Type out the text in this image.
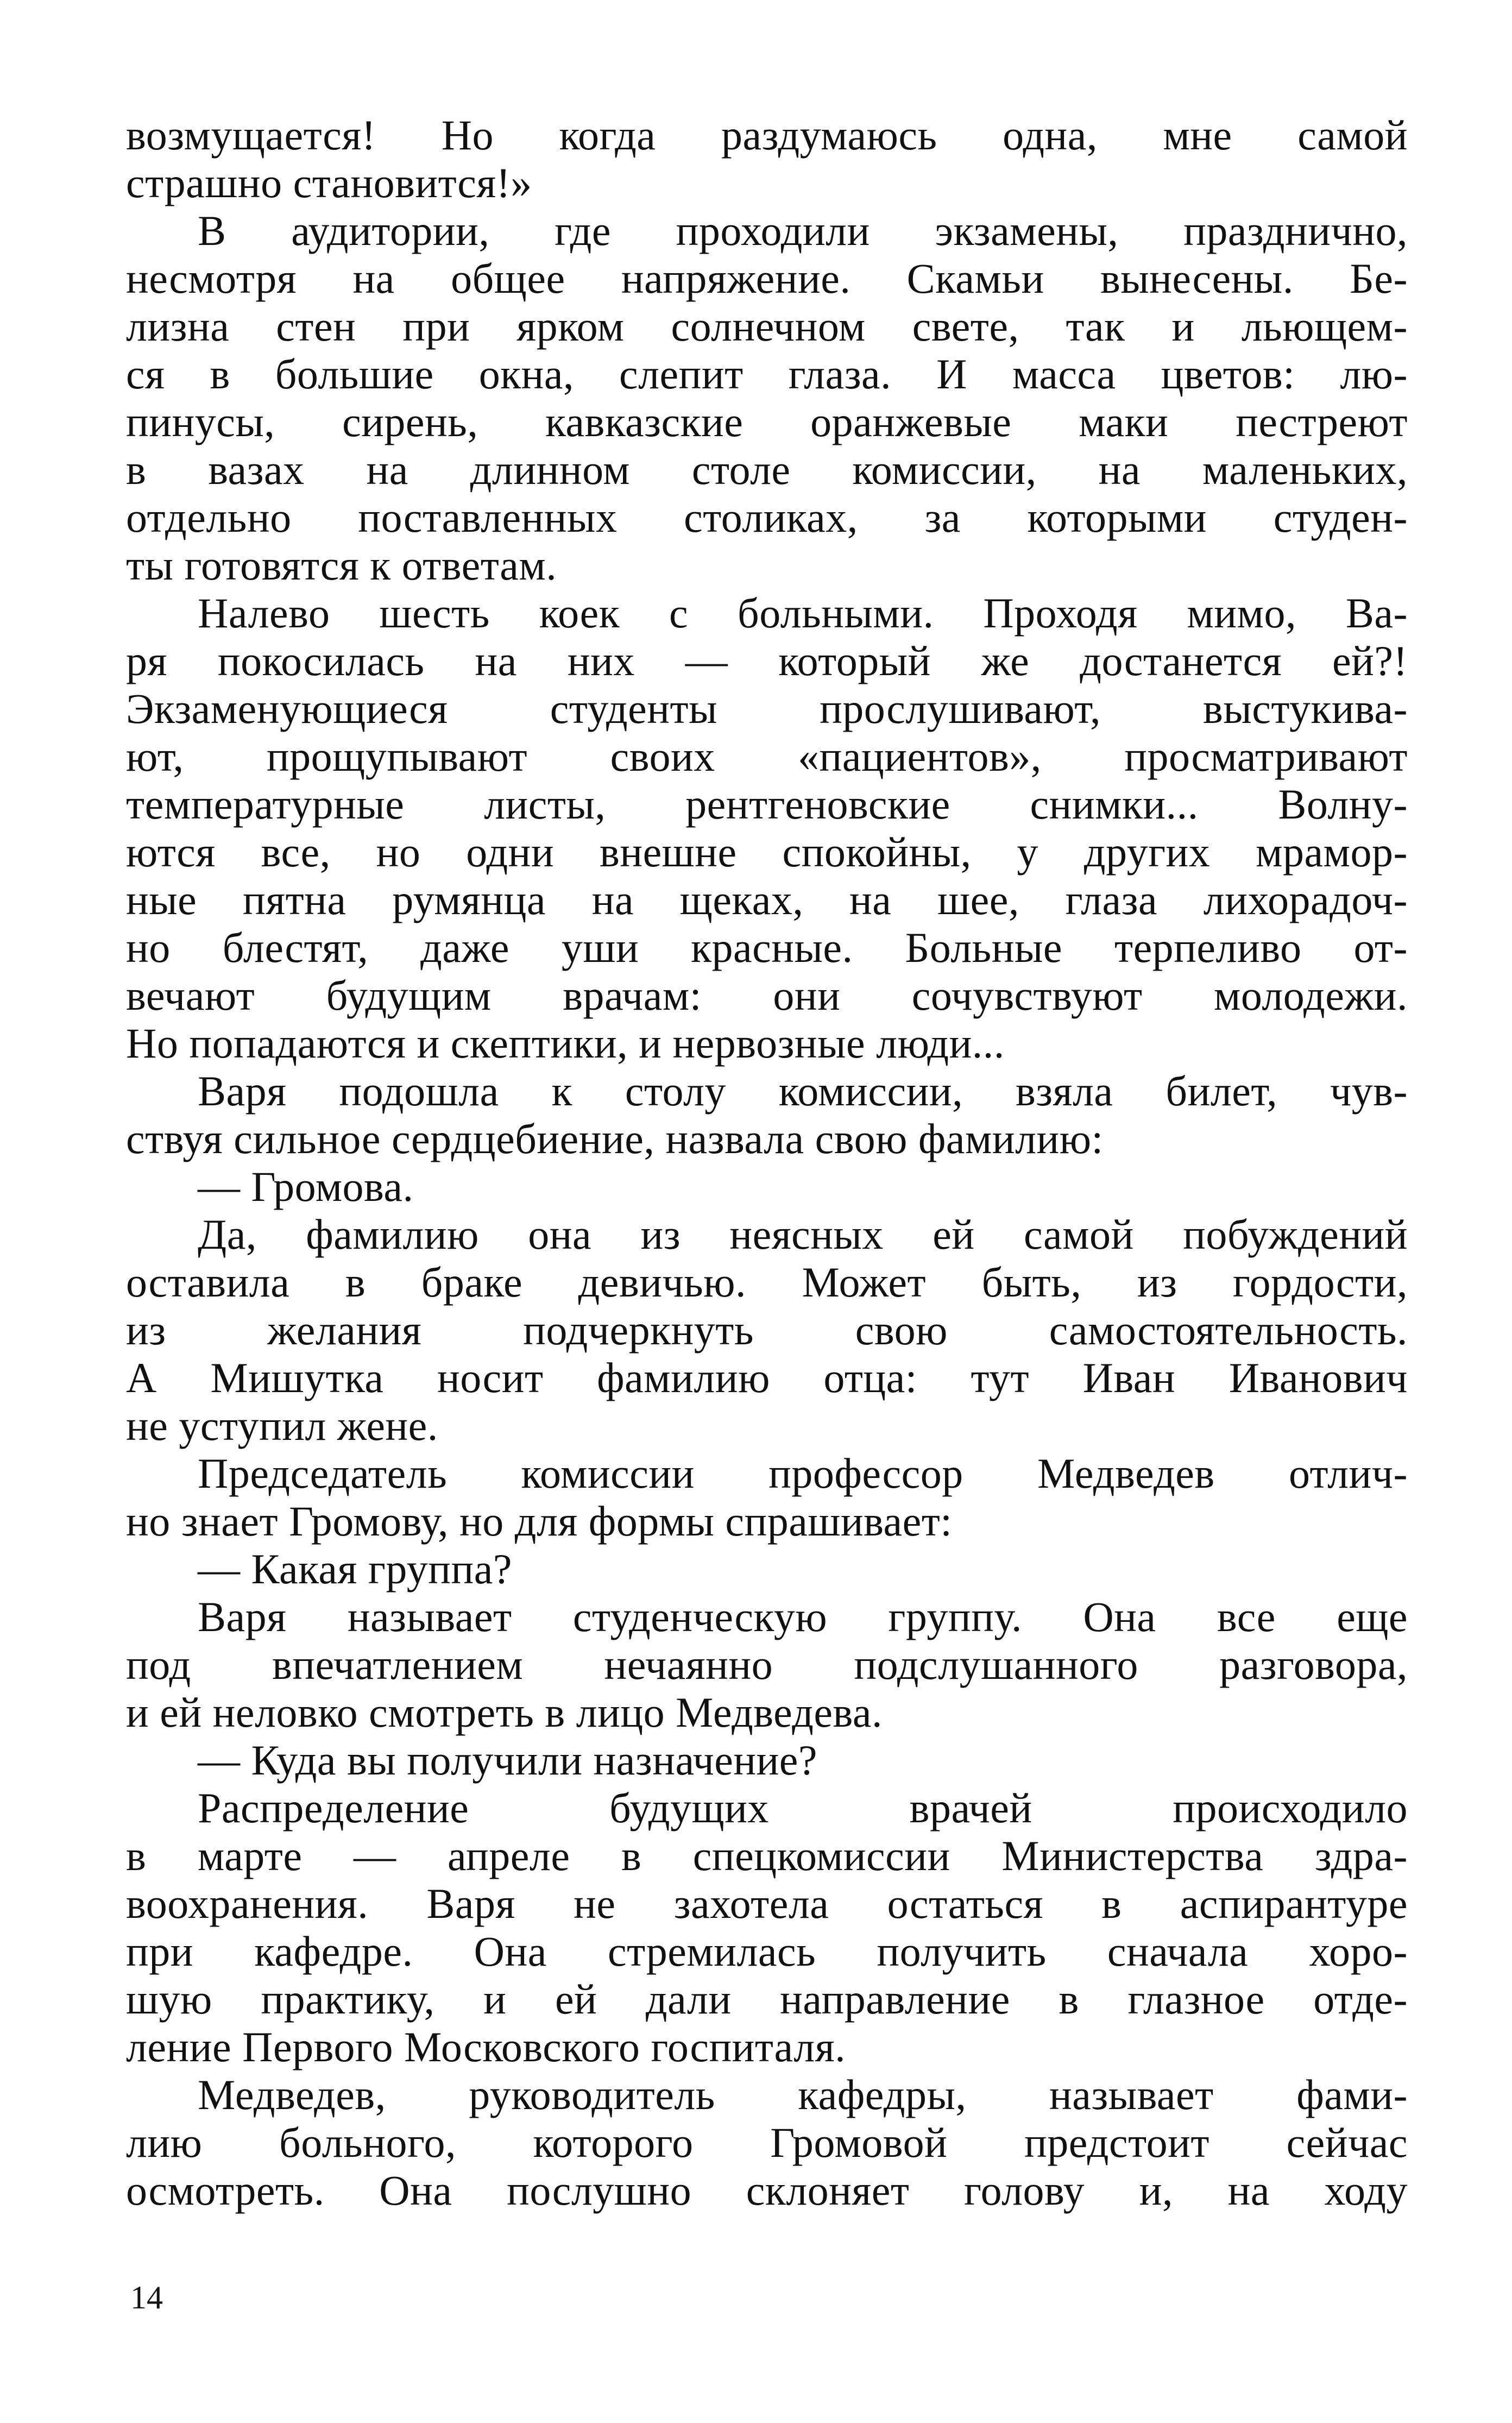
возмущается! Но когда раздумаюсь одна, мне самой
страшно становится!»
В аудитории, где проходили экзамены, празднично,
несмотря на общее напряжение. Скамьи вынесены. Бе-
лизна стен при ярком солнечном свете, так и льющем-
ся в большие окна, слепит глаза. И масса цветов: лю-
пинусы, сирень, кавказские оранжевые маки пестреют
в вазах на длинном столе комиссии, на маленьких,
отдельно поставленных столиках, за которыми студен-
ты готовятся к ответам.
Налево шесть коек с больными. Проходя мимо, Ва-
ря покосилась на них — который же достанется ей?!
Экзаменующиеся студенты прослушивают, выстукива-
ют, прощупывают своих «пациентов», просматривают
температурные листы, рентгеновские снимки... Волну-
ются все, но одни внешне спокойны, у других мрамор-
ные пятна румянца на щеках, на шее, глаза лихорадоч-
но блестят, даже уши красные. Больные терпеливо от-
вечают будущим врачам: они сочувствуют молодежи.
Но попадаются и скептики, и нервозные люди...
Варя подошла к столу комиссии, взяла билет, чув-
ствуя сильное сердцебиение, назвала свою фамилию:
— Громова.
Да, фамилию она из неясных ей самой побуждений
оставила в браке девичью. Может быть, из гордости,
из желания подчеркнуть свою самостоятельность.
А Мишутка носит фамилию отца: тут Иван Иванович
не уступил жене.
Председатель комиссии профессор Медведев отлич-
но знает Громову, но для формы спрашивает:
— Какая группа?
Варя называет студенческую группу. Она все еще
под впечатлением нечаянно подслушанного разговора,
и ей неловко смотреть в лицо Медведева.
— Куда вы получили назначение?
Распределение будущих врачей происходило
в марте — апреле в спецкомиссии Министерства здра-
воохранения. Варя не захотела остаться в аспирантуре
при кафедре. Она стремилась получить сначала хоро-
шую практику, и ей дали направление в глазное отде-
ление Первого Московского госпиталя.
Медведев, руководитель кафедры, называет фами-
лию больного, которого Громовой предстоит сейчас
осмотреть. Она послушно склоняет голову и, на ходу
14
